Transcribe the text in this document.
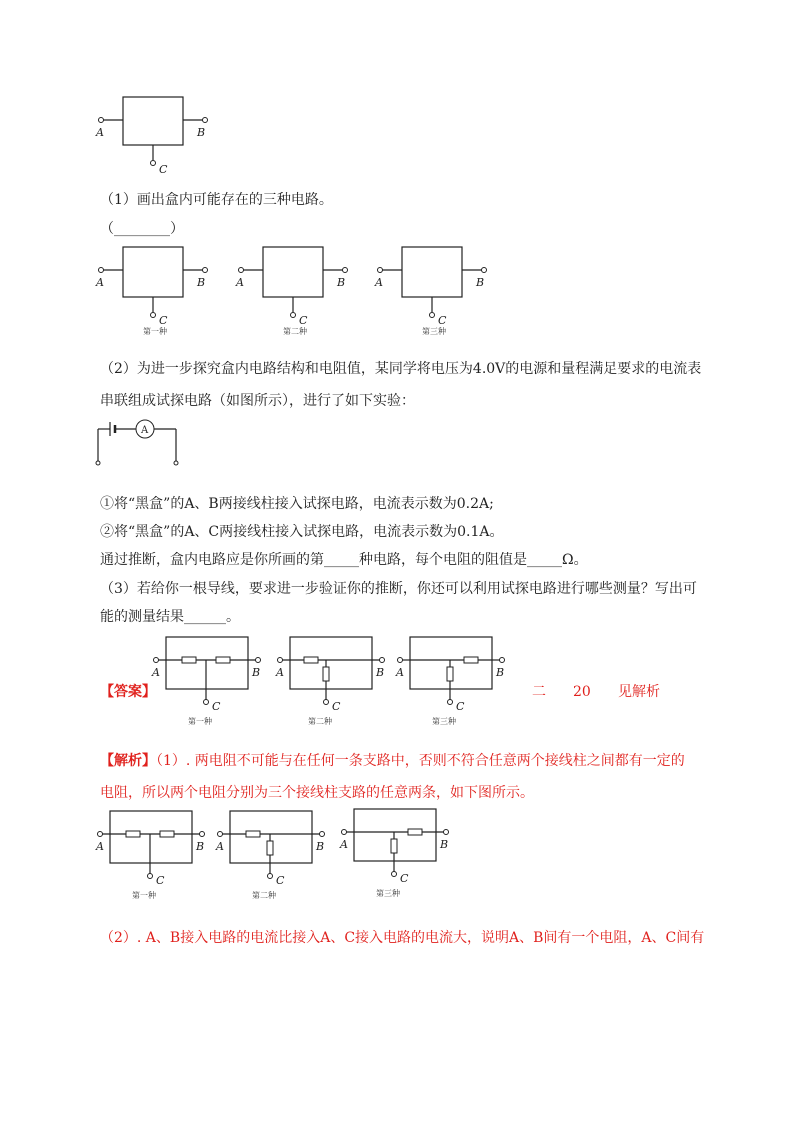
A	B
C
（1）画出盒内可能存在的三种电路。
（________）
A	B
C
第一种
A	B
C
第二种
A	B
C
第三种
（2）为进一步探究盒内电路结构和电阻值，某同学将电压为4.0V的电源和量程满足要求的电流表
串联组成试探电路（如图所示），进行了如下实验：
A
①将“黑盒”的A、B两接线柱接入试探电路，电流表示数为0.2A;
②将“黑盒”的A、C两接线柱接入试探电路，电流表示数为0.1A。
通过推断，盒内电路应是你所画的第_____种电路，每个电阻的阻值是_____Ω。
（3）若给你一根导线，要求进一步验证你的推断，你还可以利用试探电路进行哪些测量？写出可
能的测量结果______。
【答案】	二 20 见解析
A	B
C
第一种
A	B
C
第二种
A	B
C
第三种
【解析】（1）. 两电阻不可能与在任何一条支路中，否则不符合任意两个接线柱之间都有一定的
电阻，所以两个电阻分别为三个接线柱支路的任意两条，如下图所示。
A	B
C
第一种
A	B
C
第二种
A	B
C
第三种
（2）. A、B接入电路的电流比接入A、C接入电路的电流大，说明A、B间有一个电阻，A、C间有
